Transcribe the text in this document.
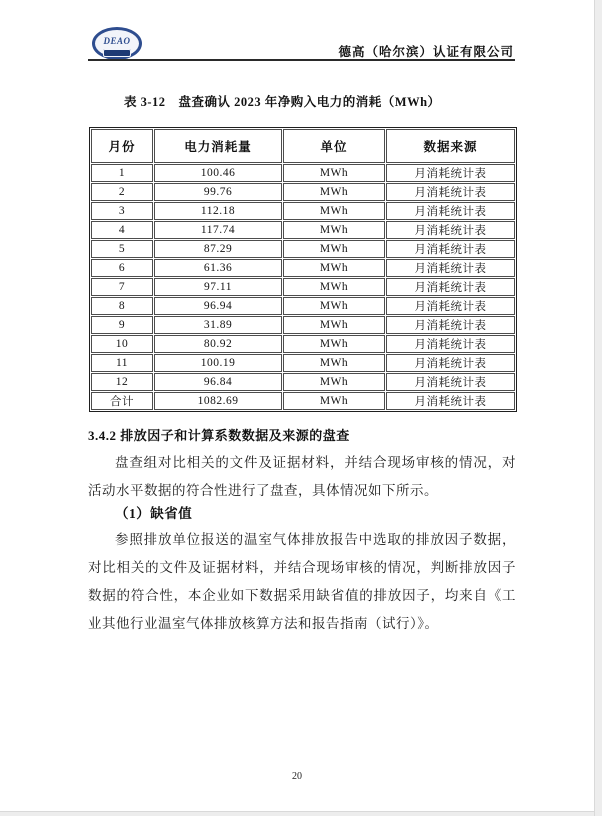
DEAO
德高（哈尔滨）认证有限公司
表 3-12　盘查确认 2023 年净购入电力的消耗（MWh）
月份	电力消耗量	单位	数据来源
1	100.46	MWh	月消耗统计表
2	99.76	MWh	月消耗统计表
3	112.18	MWh	月消耗统计表
4	117.74	MWh	月消耗统计表
5	87.29	MWh	月消耗统计表
6	61.36	MWh	月消耗统计表
7	97.11	MWh	月消耗统计表
8	96.94	MWh	月消耗统计表
9	31.89	MWh	月消耗统计表
10	80.92	MWh	月消耗统计表
11	100.19	MWh	月消耗统计表
12	96.84	MWh	月消耗统计表
合计	1082.69	MWh	月消耗统计表
3.4.2 排放因子和计算系数数据及来源的盘查

盘查组对比相关的文件及证据材料，并结合现场审核的情况，对活动水平数据的符合性进行了盘查，具体情况如下所示。

（1）缺省值

参照排放单位报送的温室气体排放报告中选取的排放因子数据，对比相关的文件及证据材料，并结合现场审核的情况，判断排放因子数据的符合性，本企业如下数据采用缺省值的排放因子，均来自《工业其他行业温室气体排放核算方法和报告指南（试行）》。

20
